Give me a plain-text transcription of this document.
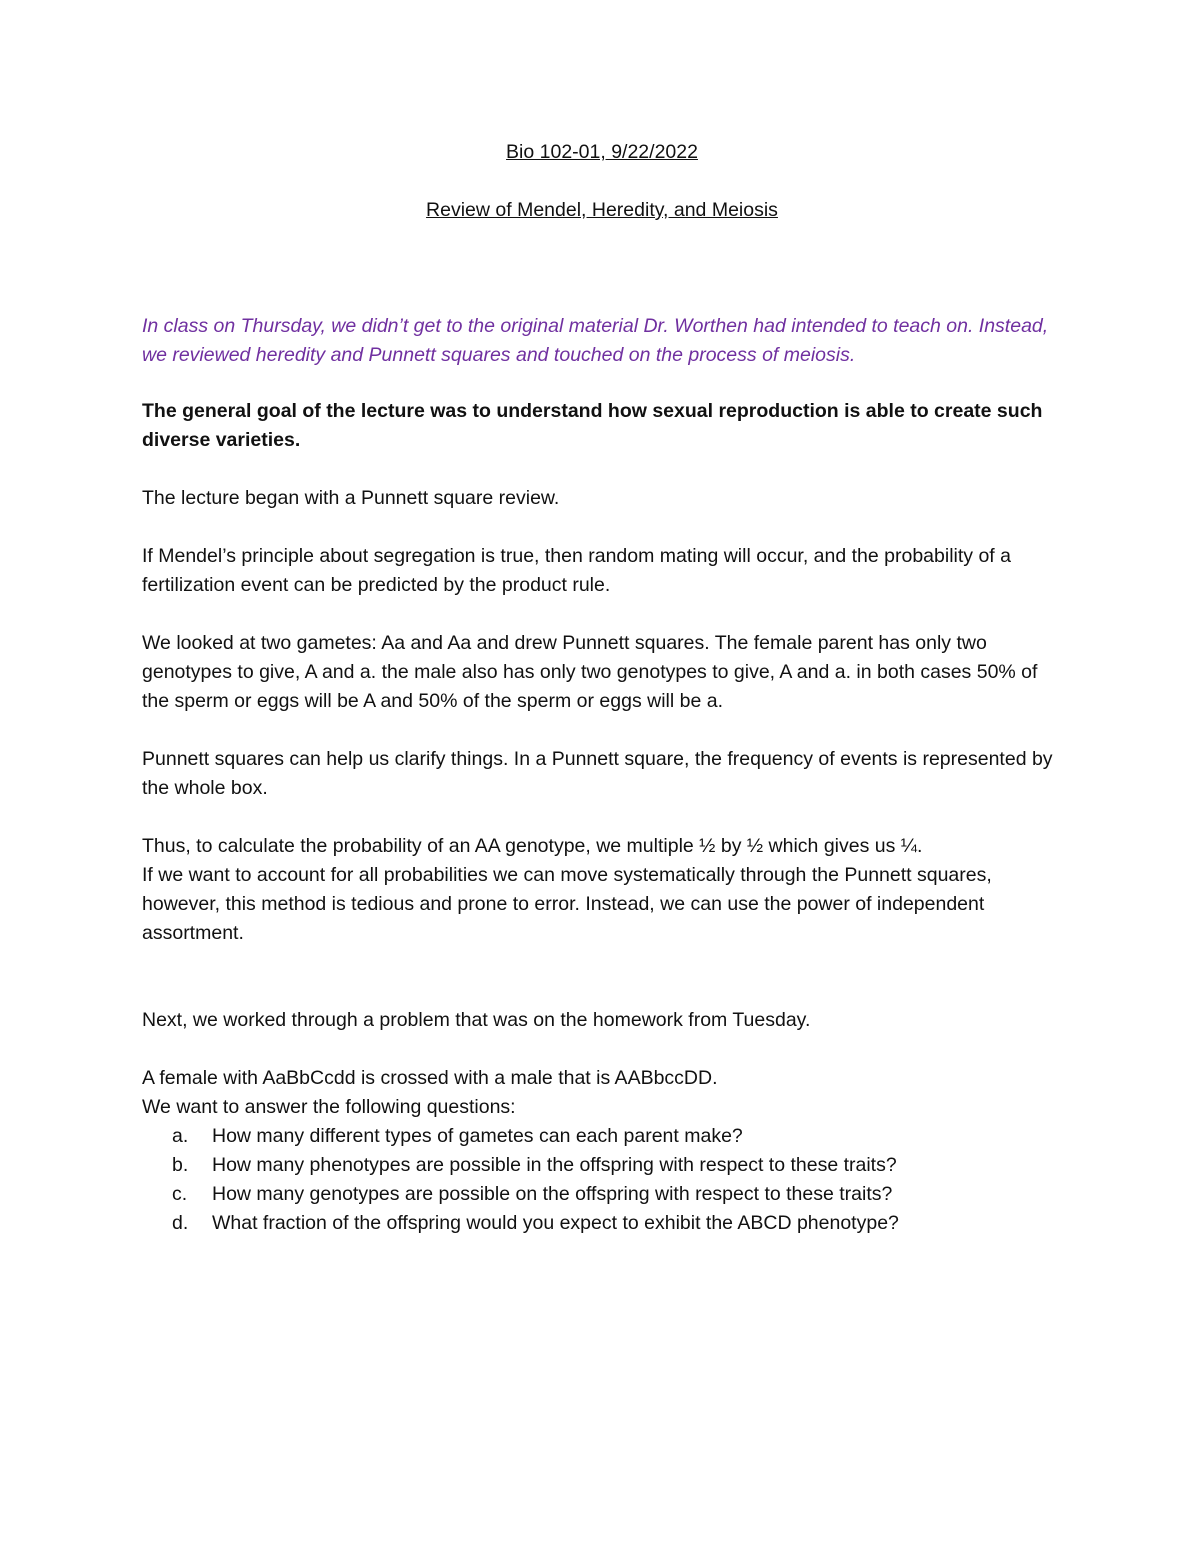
Bio 102-01, 9/22/2022
Review of Mendel, Heredity, and Meiosis

In class on Thursday, we didn’t get to the original material Dr. Worthen had intended to teach on. Instead, we reviewed heredity and Punnett squares and touched on the process of meiosis.

The general goal of the lecture was to understand how sexual reproduction is able to create such diverse varieties.

The lecture began with a Punnett square review.

If Mendel’s principle about segregation is true, then random mating will occur, and the probability of a fertilization event can be predicted by the product rule.

We looked at two gametes: Aa and Aa and drew Punnett squares. The female parent has only two genotypes to give, A and a. the male also has only two genotypes to give, A and a. in both cases 50% of the sperm or eggs will be A and 50% of the sperm or eggs will be a.

Punnett squares can help us clarify things. In a Punnett square, the frequency of events is represented by the whole box.

Thus, to calculate the probability of an AA genotype, we multiple ½ by ½ which gives us ¼.

If we want to account for all probabilities we can move systematically through the Punnett squares, however, this method is tedious and prone to error. Instead, we can use the power of independent assortment.

Next, we worked through a problem that was on the homework from Tuesday.

A female with AaBbCcdd is crossed with a male that is AABbccDD.

We want to answer the following questions:

a.	How many different types of gametes can each parent make?
b.	How many phenotypes are possible in the offspring with respect to these traits?
c.	How many genotypes are possible on the offspring with respect to these traits?
d.	What fraction of the offspring would you expect to exhibit the ABCD phenotype?
